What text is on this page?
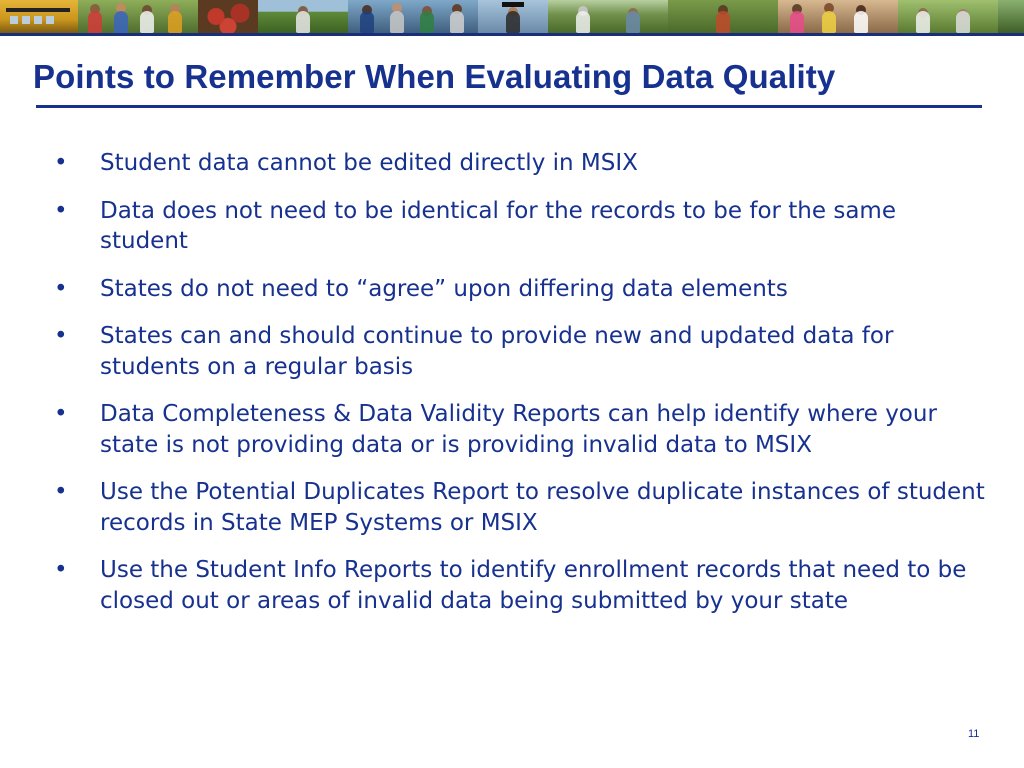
Points to Remember When Evaluating Data Quality
• Student data cannot be edited directly in MSIX
• Data does not need to be identical for the records to be for the same student
• States do not need to “agree” upon differing data elements
• States can and should continue to provide new and updated data for students on a regular basis
• Data Completeness & Data Validity Reports can help identify where your state is not providing data or is providing invalid data to MSIX
• Use the Potential Duplicates Report to resolve duplicate instances of student records in State MEP Systems or MSIX
• Use the Student Info Reports to identify enrollment records that need to be closed out or areas of invalid data being submitted by your state
11
